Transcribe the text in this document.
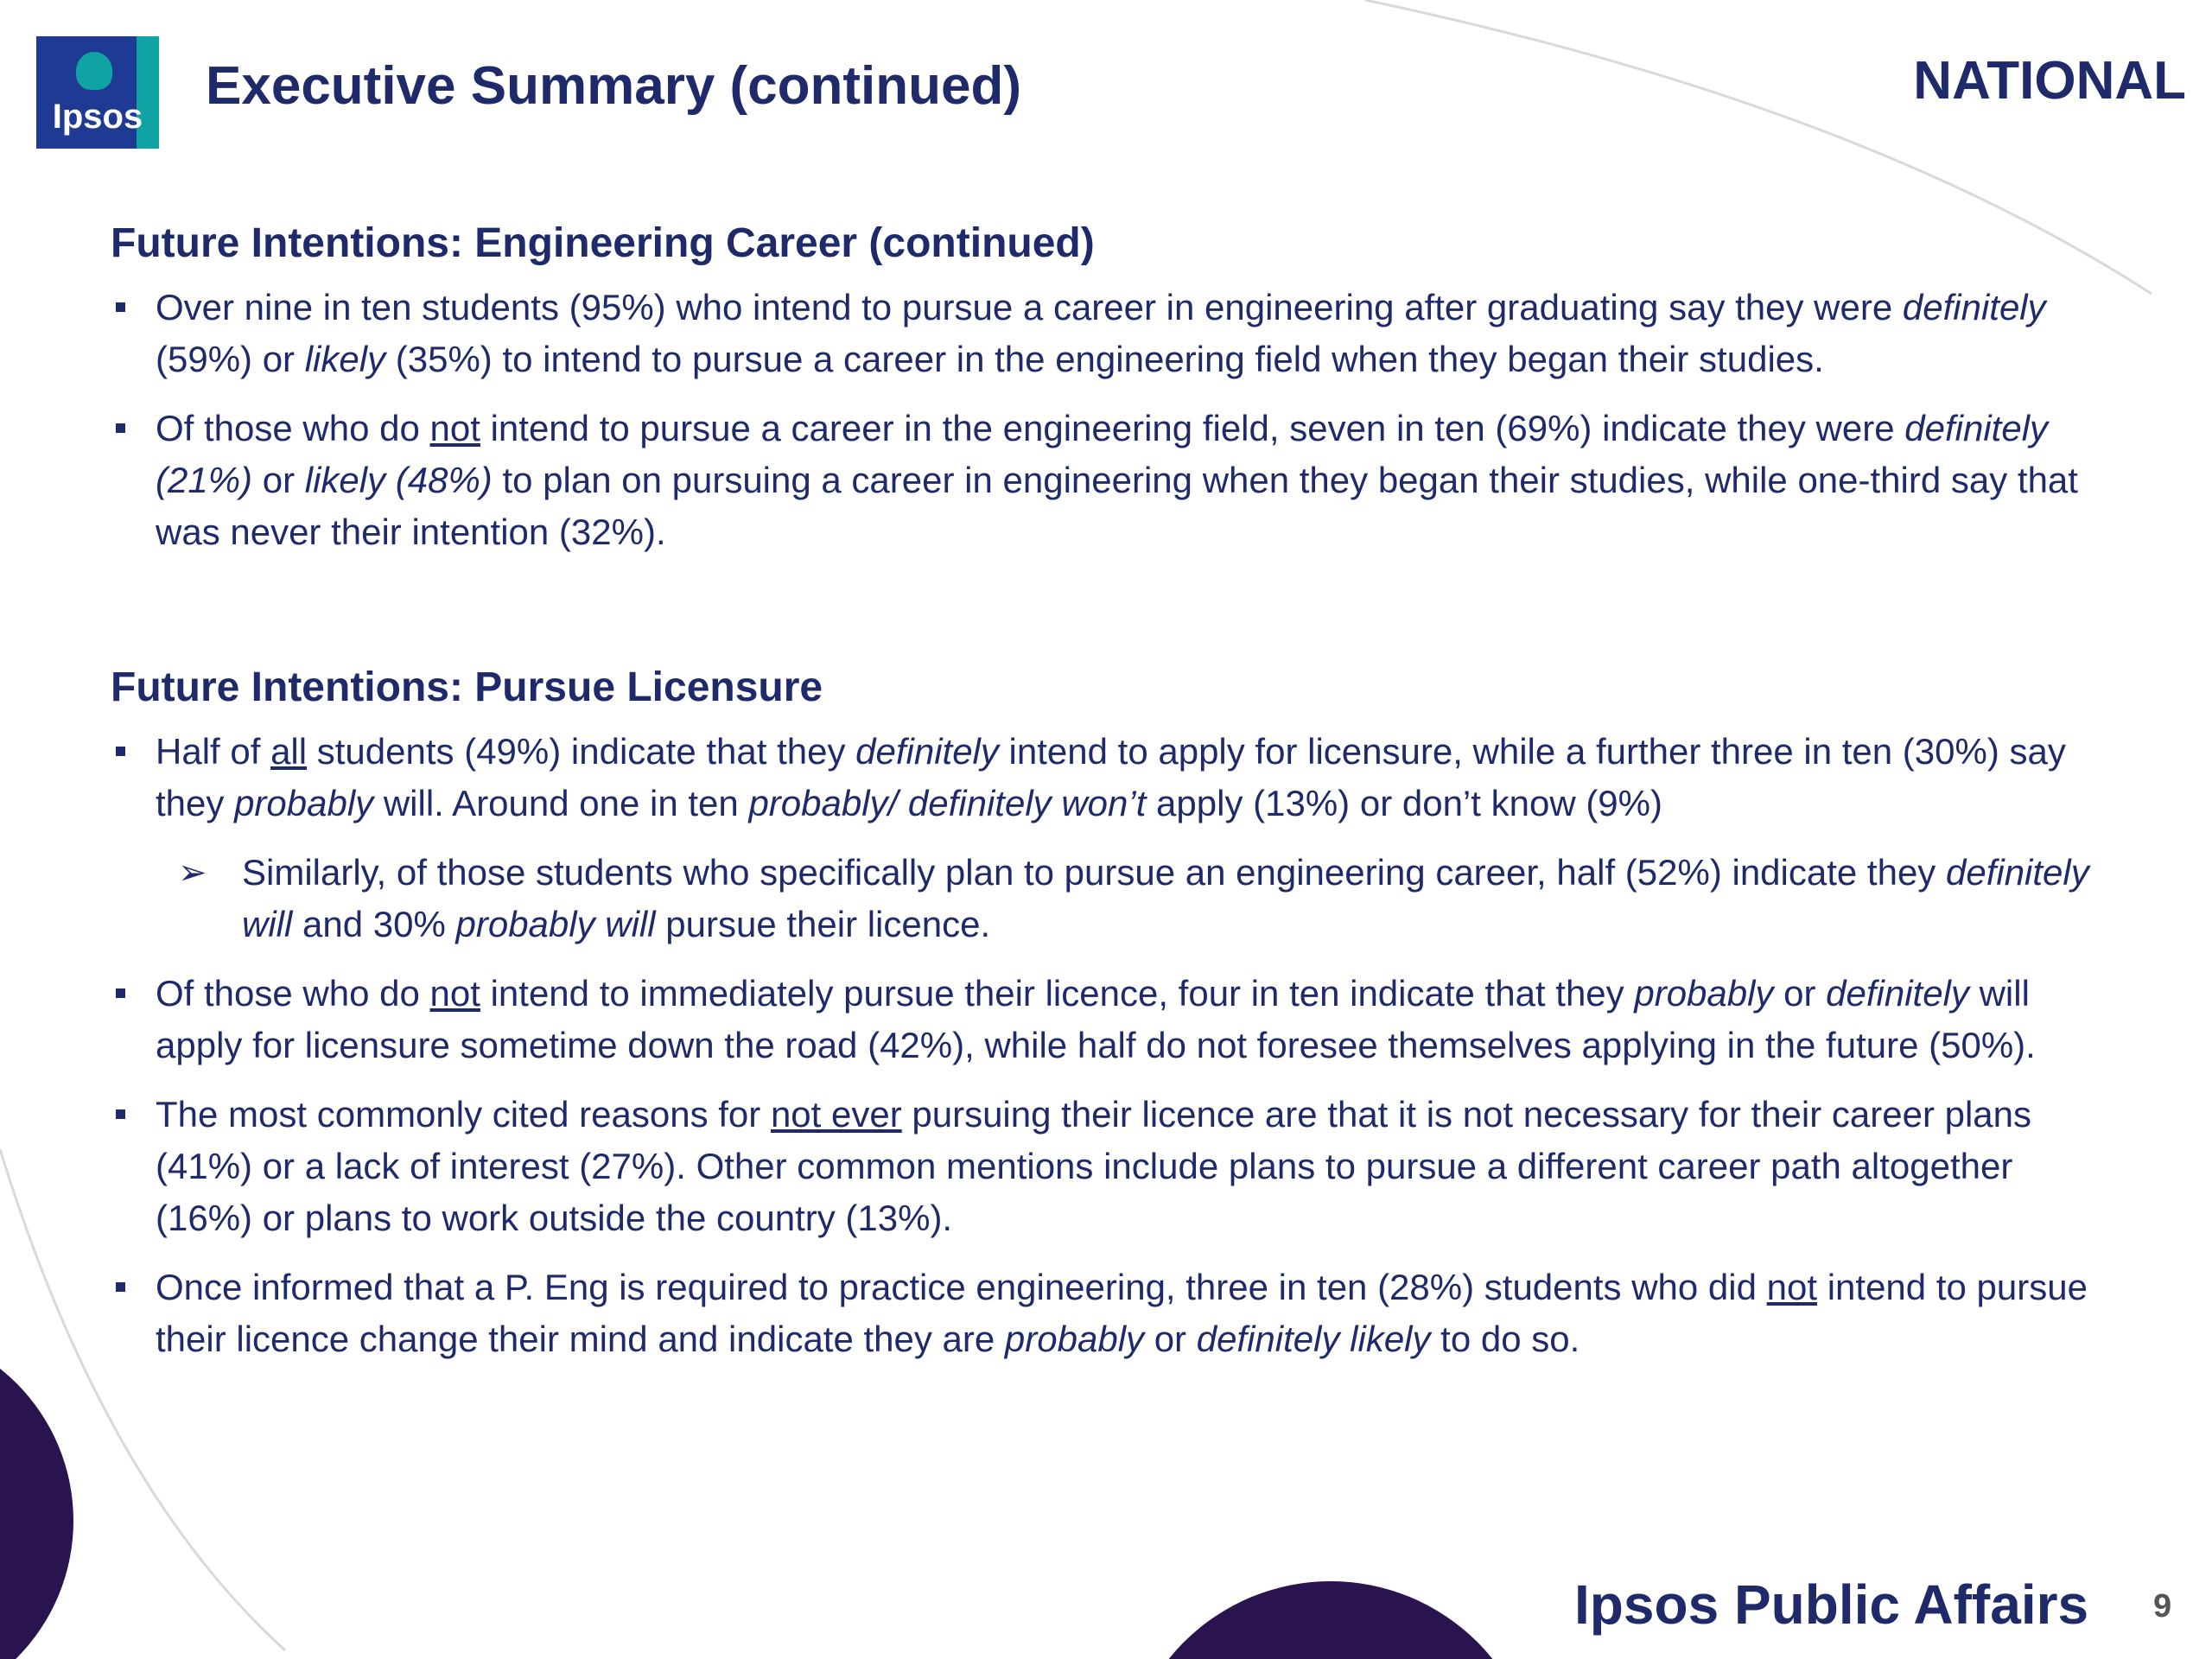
Ipsos
Executive Summary (continued)	NATIONAL
Future Intentions: Engineering Career (continued)
Over nine in ten students (95%) who intend to pursue a career in engineering after graduating say they were definitely (59%) or likely (35%) to intend to pursue a career in the engineering field when they began their studies.
Of those who do not intend to pursue a career in the engineering field, seven in ten (69%) indicate they were definitely (21%) or likely (48%) to plan on pursuing a career in engineering when they began their studies, while one-third say that was never their intention (32%).
Future Intentions: Pursue Licensure
Half of all students (49%) indicate that they definitely intend to apply for licensure, while a further three in ten (30%) say they probably will. Around one in ten probably/ definitely won’t apply (13%) or don’t know (9%)
➢ Similarly, of those students who specifically plan to pursue an engineering career, half (52%) indicate they definitely will and 30% probably will pursue their licence.
Of those who do not intend to immediately pursue their licence, four in ten indicate that they probably or definitely will apply for licensure sometime down the road (42%), while half do not foresee themselves applying in the future (50%).
The most commonly cited reasons for not ever pursuing their licence are that it is not necessary for their career plans (41%) or a lack of interest (27%). Other common mentions include plans to pursue a different career path altogether (16%) or plans to work outside the country (13%).
Once informed that a P. Eng is required to practice engineering, three in ten (28%) students who did not intend to pursue their licence change their mind and indicate they are probably or definitely likely to do so.
Ipsos Public Affairs 9
